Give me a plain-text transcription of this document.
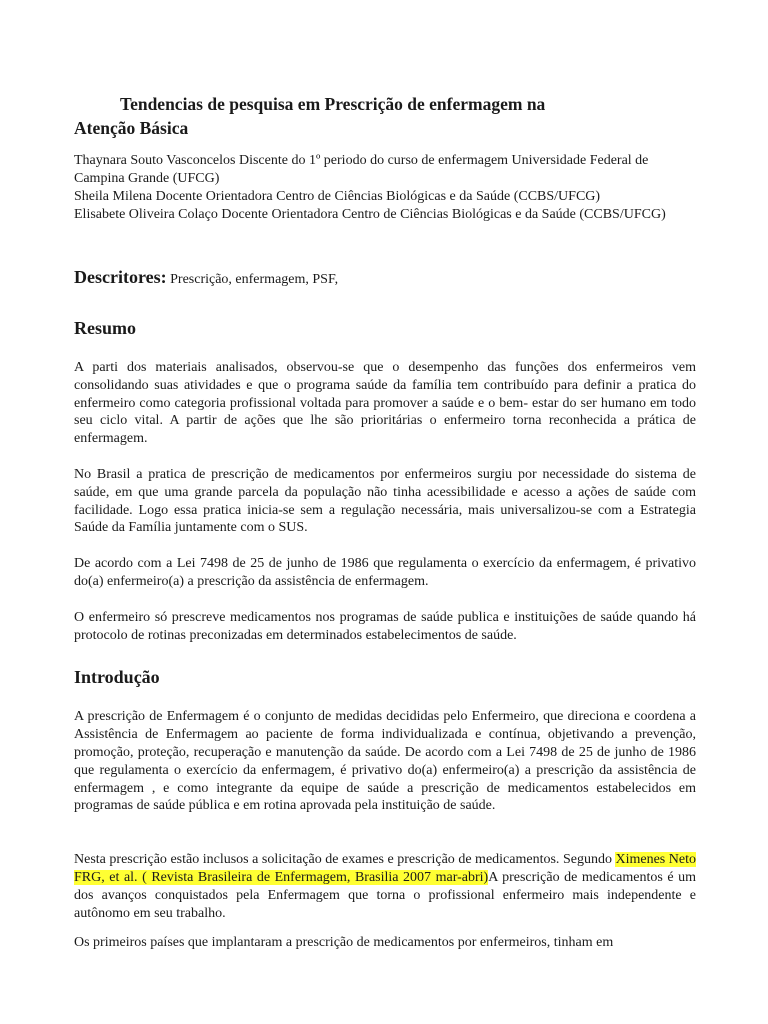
Tendencias de pesquisa em Prescrição de enfermagem na
Atenção Básica
Thaynara Souto Vasconcelos Discente do 1º periodo do curso de enfermagem Universidade Federal de Campina Grande (UFCG)
Sheila Milena Docente Orientadora Centro de Ciências Biológicas e da Saúde (CCBS/UFCG)
Elisabete Oliveira Colaço Docente Orientadora Centro de Ciências Biológicas e da Saúde (CCBS/UFCG)
Descritores: Prescrição, enfermagem, PSF,
Resumo

A parti dos materiais analisados, observou-se que o desempenho das funções dos enfermeiros vem consolidando suas atividades e que o programa saúde da família tem contribuído para definir a pratica do enfermeiro como categoria profissional voltada para promover a saúde e o bem- estar do ser humano em todo seu ciclo vital. A partir de ações que lhe são prioritárias o enfermeiro torna reconhecida a prática de enfermagem.

No Brasil a pratica de prescrição de medicamentos por enfermeiros surgiu por necessidade do sistema de saúde, em que uma grande parcela da população não tinha acessibilidade e acesso a ações de saúde com facilidade. Logo essa pratica inicia-se sem a regulação necessária, mais universalizou-se com a Estrategia Saúde da Família juntamente com o SUS.

De acordo com a Lei 7498 de 25 de junho de 1986 que regulamenta o exercício da enfermagem, é privativo do(a) enfermeiro(a) a prescrição da assistência de enfermagem.

O enfermeiro só prescreve medicamentos nos programas de saúde publica e instituições de saúde quando há protocolo de rotinas preconizadas em determinados estabelecimentos de saúde.

Introdução

A prescrição de Enfermagem é o conjunto de medidas decididas pelo Enfermeiro, que direciona e coordena a Assistência de Enfermagem ao paciente de forma individualizada e contínua, objetivando a prevenção, promoção, proteção, recuperação e manutenção da saúde. De acordo com a Lei 7498 de 25 de junho de 1986 que regulamenta o exercício da enfermagem, é privativo do(a) enfermeiro(a) a prescrição da assistência de enfermagem , e como integrante da equipe de saúde a prescrição de medicamentos estabelecidos em programas de saúde pública e em rotina aprovada pela instituição de saúde.

Nesta prescrição estão inclusos a solicitação de exames e prescrição de medicamentos. Segundo Ximenes Neto FRG, et al. ( Revista Brasileira de Enfermagem, Brasilia 2007 mar-abri)A prescrição de medicamentos é um dos avanços conquistados pela Enfermagem que torna o profissional enfermeiro mais independente e autônomo em seu trabalho.

Os primeiros países que implantaram a prescrição de medicamentos por enfermeiros, tinham em
